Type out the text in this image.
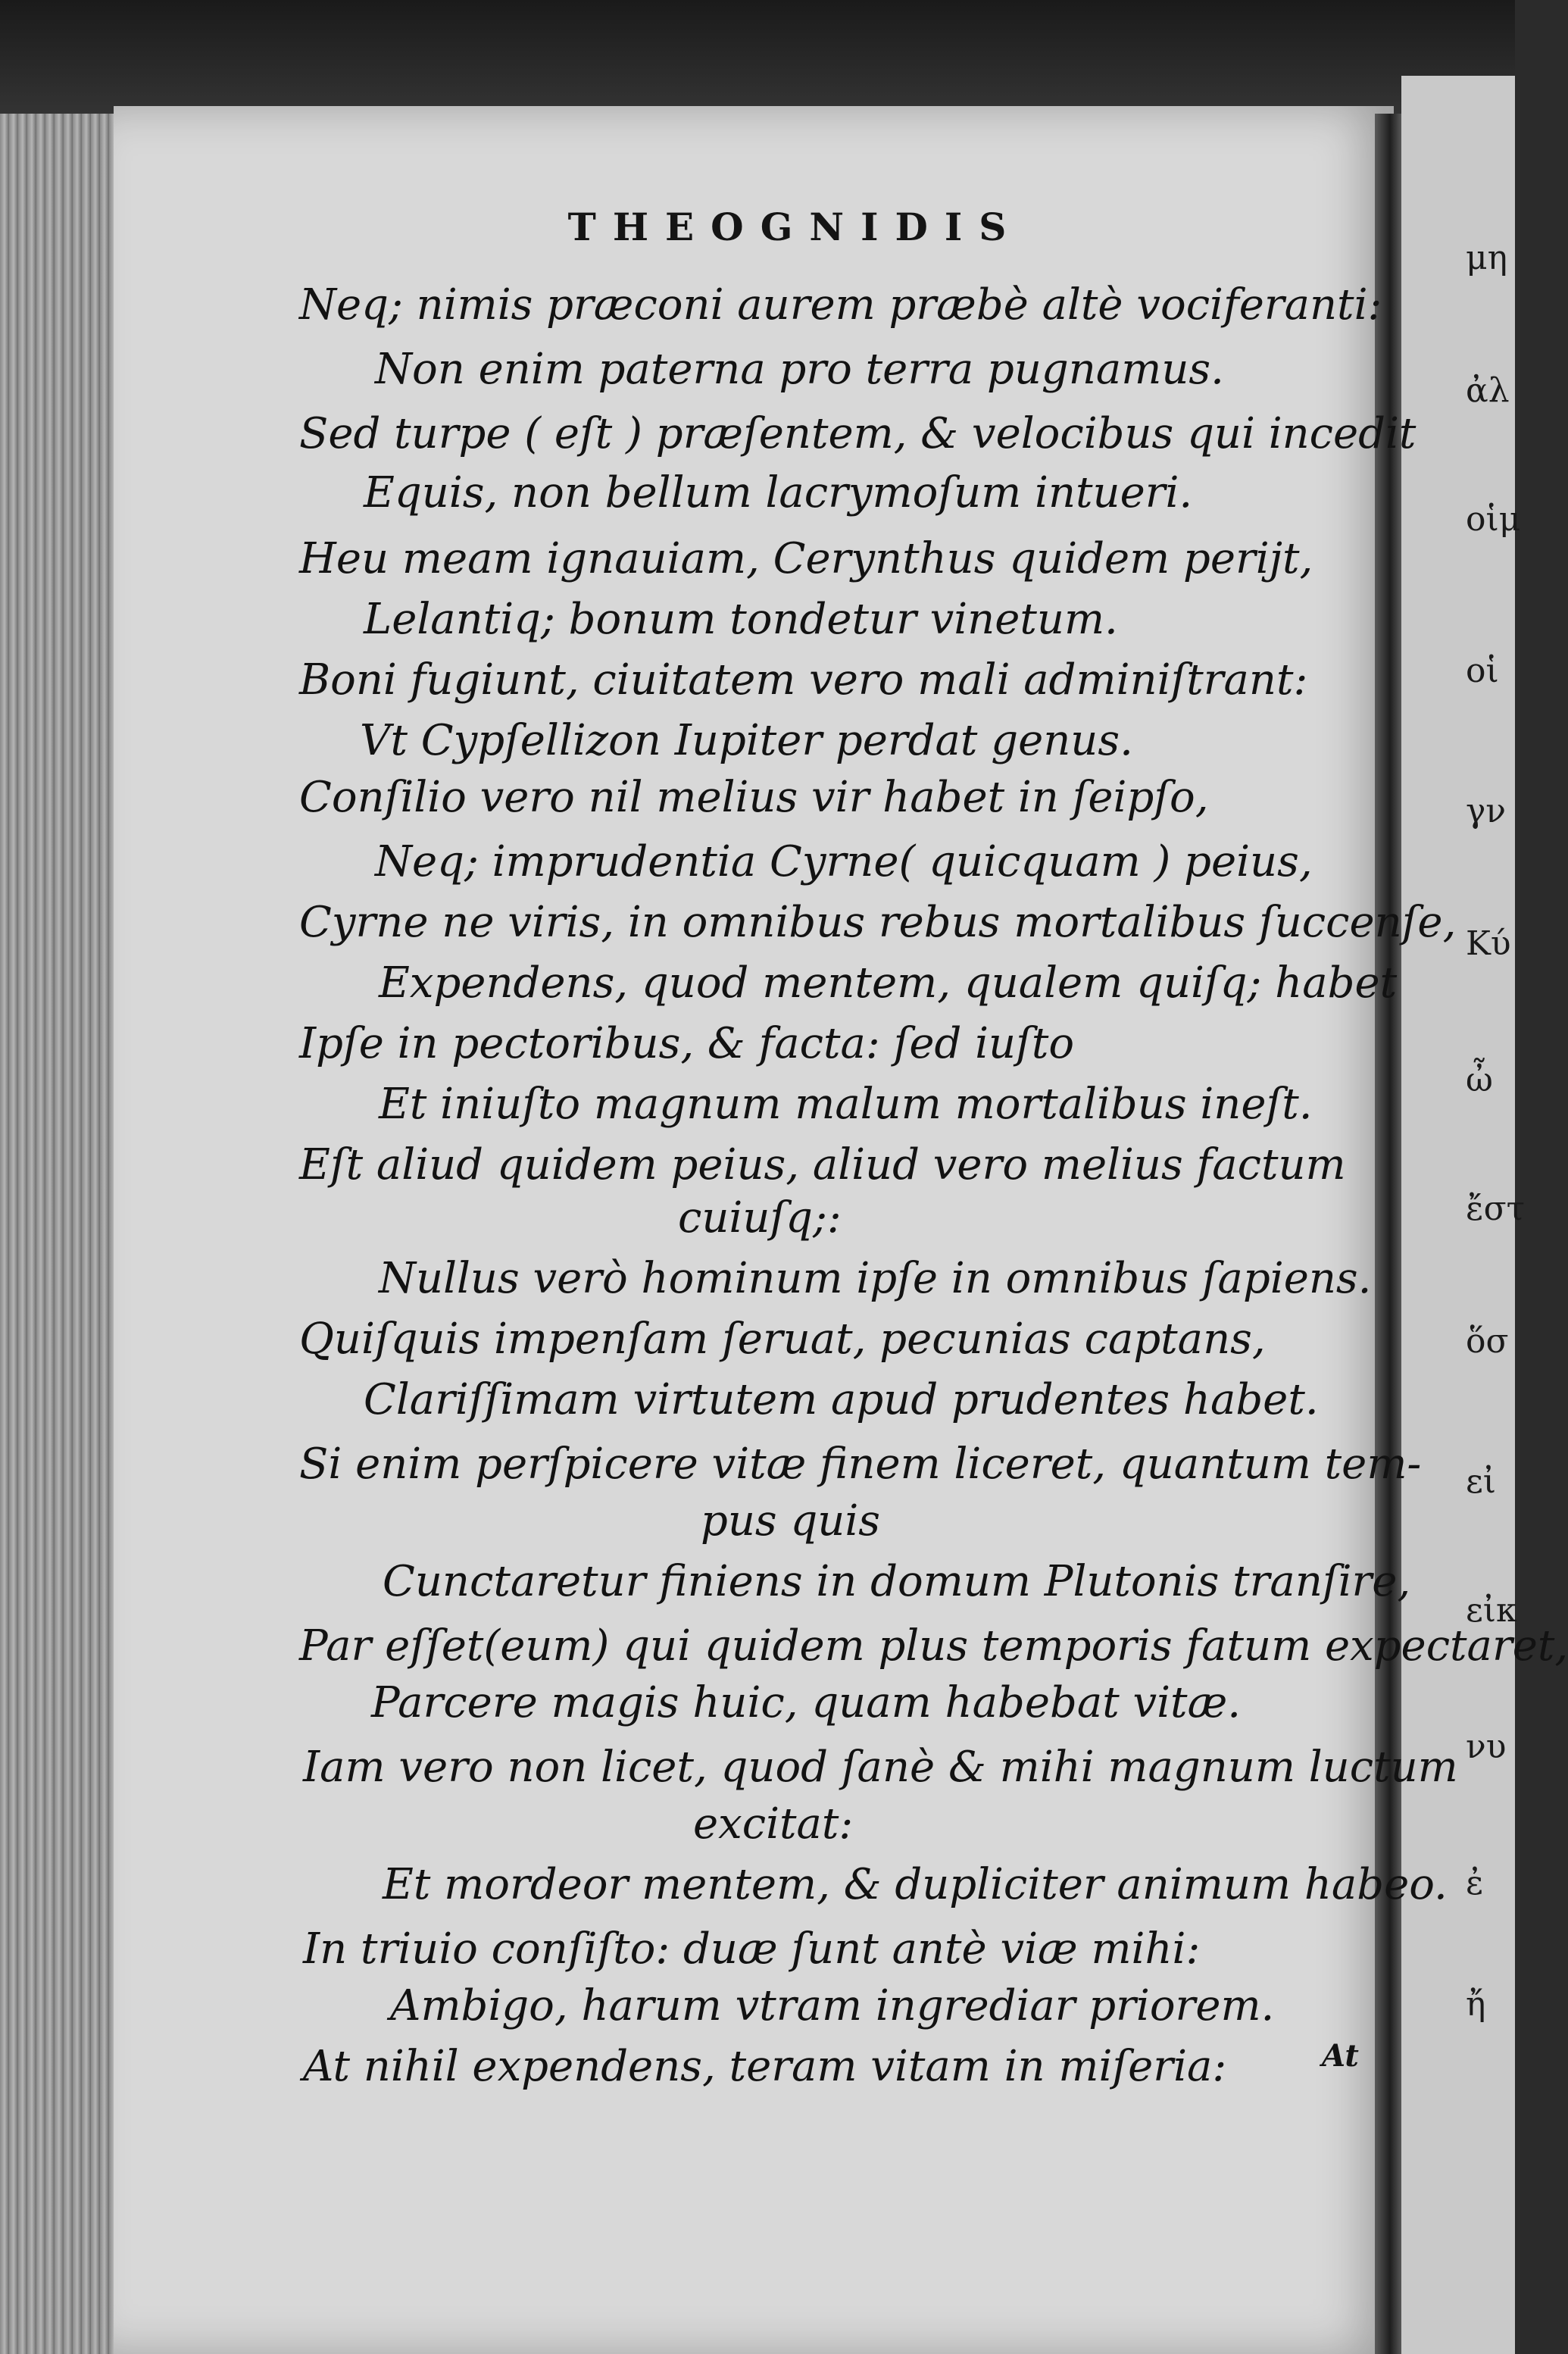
THEOGNIDIS

Neq; nimis præconi aurem præbè altè vociferanti:

Non enim paterna pro terra pugnamus.

Sed turpe ( eſt ) præſentem, & velocibus qui incedit

Equis, non bellum lacrymoſum intueri.

Heu meam ignauiam, Cerynthus quidem periјt,

Lelantiq; bonum tondetur vinetum.

Boni fugiunt, ciuitatem vero mali adminiſtrant:

Vt Cypſellizon Iupiter perdat genus.

Conſilio vero nil melius vir habet in ſeipſo,

Neq; imprudentia Cyrne( quicquam ) peius,

Cyrne ne viris, in omnibus rebus mortalibus ſuccenſe,

Expendens, quod mentem, qualem quiſq; habet

Ipſe in pectoribus, & facta: ſed iuſto

Et iniuſto magnum malum mortalibus ineſt.

Eſt aliud quidem peius, aliud vero melius factum

cuiuſq;:

Nullus verò hominum ipſe in omnibus ſapiens.

Quiſquis impenſam ſeruat, pecunias captans,

Clariſſimam virtutem apud prudentes habet.

Si enim perſpicere vitæ finem liceret, quantum tem-

pus quis

Cunctaretur finiens in domum Plutonis tranſire,

Par eſſet(eum) qui quidem plus temporis fatum expectaret,

Parcere magis huic, quam habebat vitæ.

Iam vero non licet, quod ſanè & mihi magnum luctum

excitat:

Et mordeor mentem, & dupliciter animum habeo.

In triuio conſiſto: duæ ſunt antè viæ mihi:

Ambigo, harum vtram ingrediar priorem.

At nihil expendens, teram vitam in miſeria:	At

μη

ἀλ

οἱμ

οἱ

γν

Κύ

ὦ

ἔστ

ὅσ

εἰ

εἰκ

νυ

ἐ

ἤ
